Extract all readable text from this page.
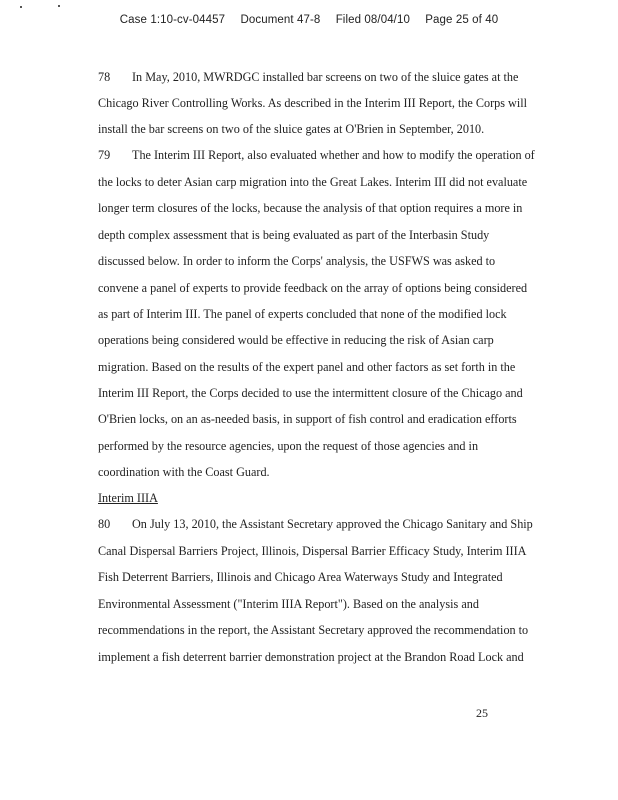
Case 1:10-cv-04457 Document 47-8 Filed 08/04/10 Page 25 of 40
78 In May, 2010, MWRDGC installed bar screens on two of the sluice gates at the
Chicago River Controlling Works. As described in the Interim III Report, the Corps will
install the bar screens on two of the sluice gates at O'Brien in September, 2010.
79 The Interim III Report, also evaluated whether and how to modify the operation of
the locks to deter Asian carp migration into the Great Lakes. Interim III did not evaluate
longer term closures of the locks, because the analysis of that option requires a more in
depth complex assessment that is being evaluated as part of the Interbasin Study
discussed below. In order to inform the Corps' analysis, the USFWS was asked to
convene a panel of experts to provide feedback on the array of options being considered
as part of Interim III. The panel of experts concluded that none of the modified lock
operations being considered would be effective in reducing the risk of Asian carp
migration. Based on the results of the expert panel and other factors as set forth in the
Interim III Report, the Corps decided to use the intermittent closure of the Chicago and
O'Brien locks, on an as-needed basis, in support of fish control and eradication efforts
performed by the resource agencies, upon the request of those agencies and in
coordination with the Coast Guard.
Interim IIIA
80 On July 13, 2010, the Assistant Secretary approved the Chicago Sanitary and Ship
Canal Dispersal Barriers Project, Illinois, Dispersal Barrier Efficacy Study, Interim IIIA
Fish Deterrent Barriers, Illinois and Chicago Area Waterways Study and Integrated
Environmental Assessment ("Interim IIIA Report"). Based on the analysis and
recommendations in the report, the Assistant Secretary approved the recommendation to
implement a fish deterrent barrier demonstration project at the Brandon Road Lock and
25
